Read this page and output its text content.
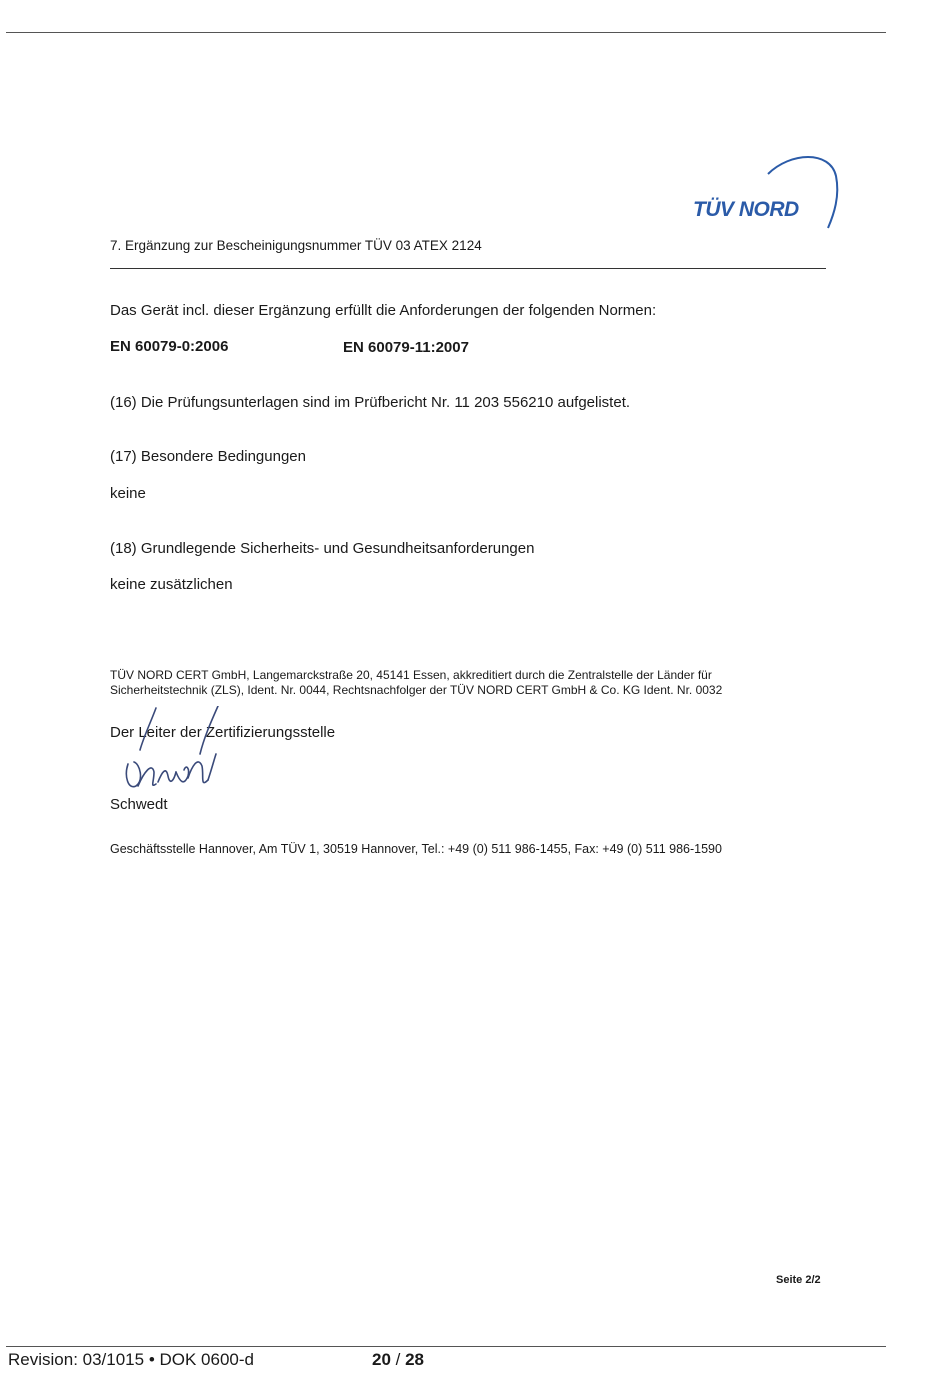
TÜV NORD
7. Ergänzung zur Bescheinigungsnummer TÜV 03 ATEX 2124
Das Gerät incl. dieser Ergänzung erfüllt die Anforderungen der folgenden Normen:
EN 60079-0:2006	EN 60079-11:2007
(16) Die Prüfungsunterlagen sind im Prüfbericht Nr. 11 203 556210 aufgelistet.
(17) Besondere Bedingungen
keine
(18) Grundlegende Sicherheits- und Gesundheitsanforderungen
keine zusätzlichen
TÜV NORD CERT GmbH, Langemarckstraße 20, 45141 Essen, akkreditiert durch die Zentralstelle der Länder für
Sicherheitstechnik (ZLS), Ident. Nr. 0044, Rechtsnachfolger der TÜV NORD CERT GmbH & Co. KG Ident. Nr. 0032
Der Leiter der Zertifizierungsstelle
Schwedt
Geschäftsstelle Hannover, Am TÜV 1, 30519 Hannover, Tel.: +49 (0) 511 986-1455, Fax: +49 (0) 511 986-1590
Seite 2/2
Revision: 03/1015 • DOK 0600-d	20 / 28
